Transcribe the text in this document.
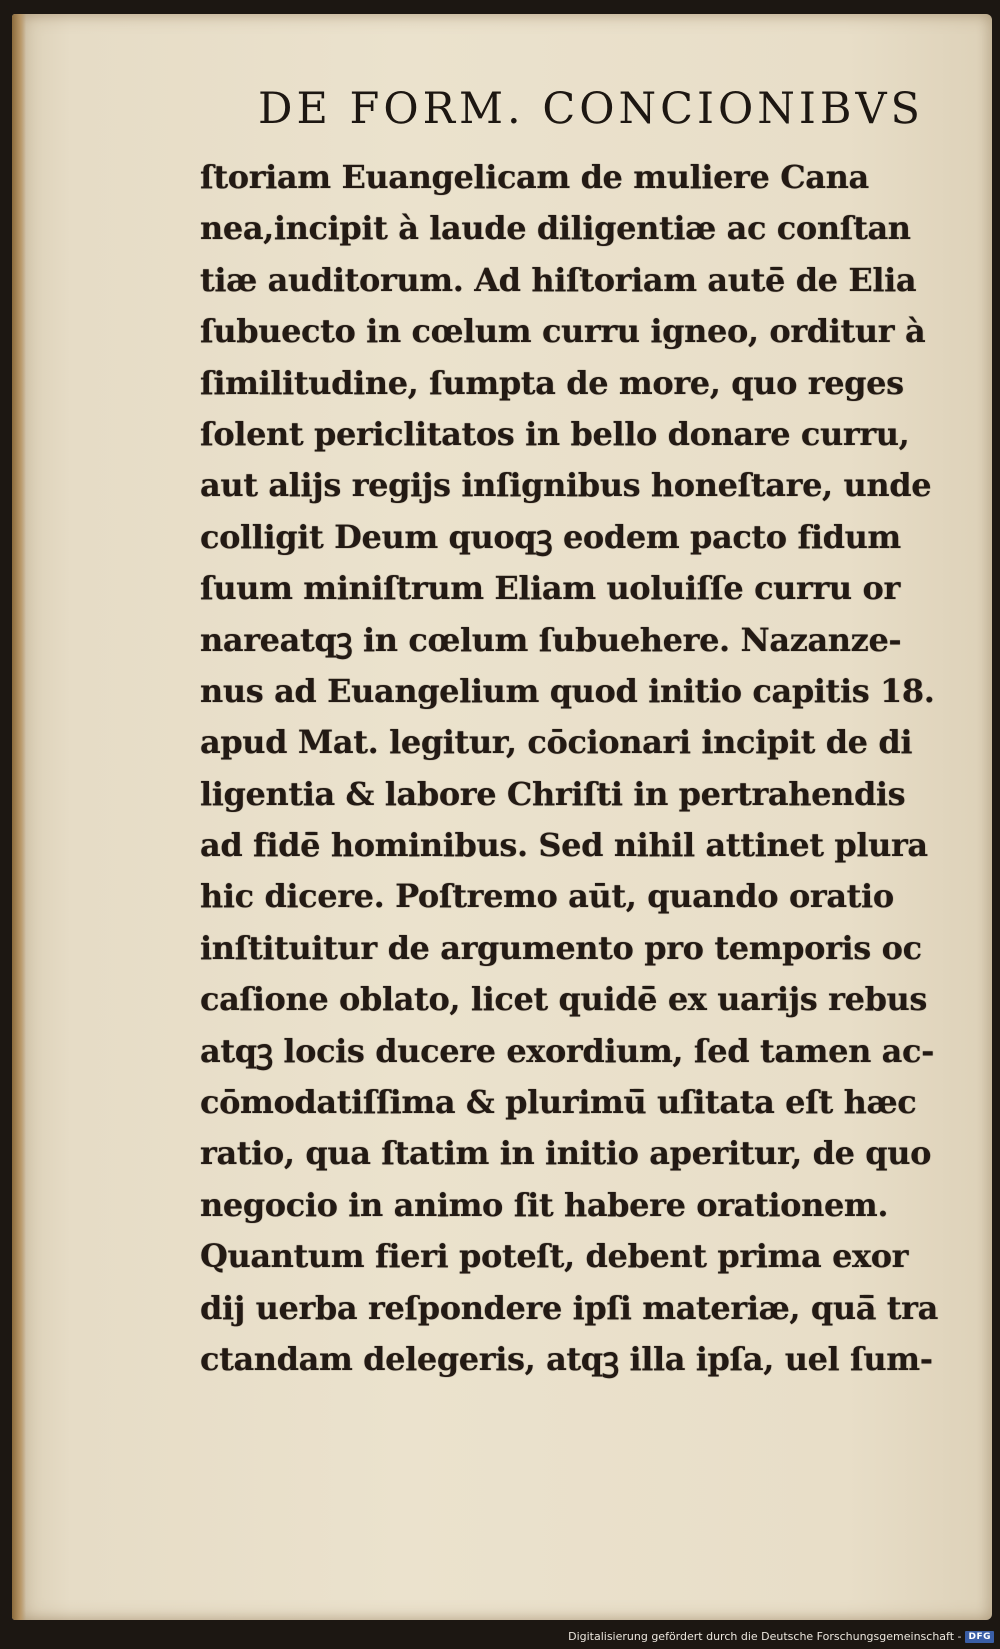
DE FORM. CONCIONIBVS
ſtoriam Euangelicam de muliere Cana
nea,incipit à laude diligentiæ ac conſtan
tiæ auditorum. Ad hiſtoriam autē̄ de Elia
ſubuecto in cœlum curru igneo, orditur à
ſimilitudine, ſumpta de more, quo reges
ſolent periclitatos in bello donare curru,
aut alijs regijs inſignibus honeſtare, unde
colligit Deum quoqꝫ eodem pacto fidum
ſuum miniſtrum Eliam uoluiſſe curru or
nareatqꝫ in cœlum ſubuehere. Nazanze-
nus ad Euangelium quod initio capitis 18.
apud Mat. legitur, cōcionari incipit de di
ligentia & labore Chriſti in pertrahendis
ad fidē̄ hominibus. Sed nihil attinet plura
hic dicere. Poſtremo aūt, quando oratio
inſtituitur de argumento pro temporis oc
caſione oblato, licet quidē̄ ex uarijs rebus
atqꝫ locis ducere exordium, ſed tamen ac-
cōmodatiſſima & plurimū̄ uſitata eſt hæc
ratio, qua ſtatim in initio aperitur, de quo
negocio in animo ſit habere orationem.
Quantum fieri poteſt, debent prima exor
dij uerba reſpondere ipſi materiæ, quā̄ tra
ctandam delegeris, atqꝫ illa ipſa, uel ſum-
Digitalisierung gefördert durch die Deutsche Forschungsgemeinschaft - DFG
